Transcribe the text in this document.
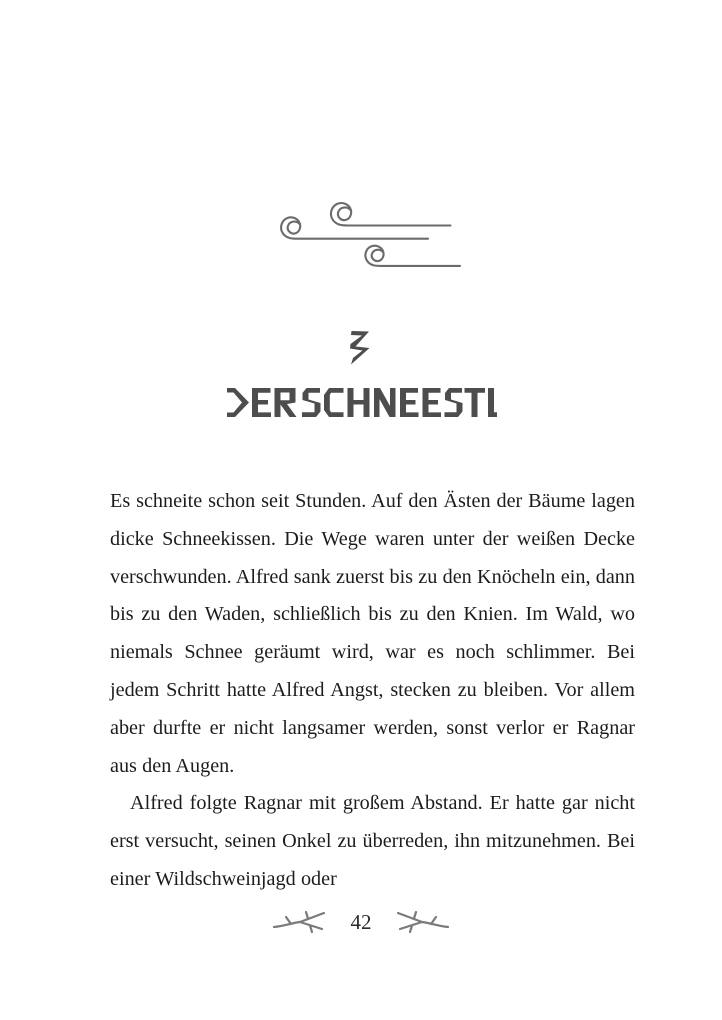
Es schneite schon seit Stunden. Auf den Ästen der Bäume lagen dicke Schneekissen. Die Wege waren unter der weißen Decke verschwunden. Alfred sank zuerst bis zu den Knöcheln ein, dann bis zu den Waden, schließlich bis zu den Knien. Im Wald, wo niemals Schnee geräumt wird, war es noch schlimmer. Bei jedem Schritt hatte Alfred Angst, stecken zu bleiben. Vor allem aber durfte er nicht langsamer werden, sonst verlor er Ragnar aus den Augen.

Alfred folgte Ragnar mit großem Abstand. Er hatte gar nicht erst versucht, seinen Onkel zu überreden, ihn mitzunehmen. Bei einer Wildschweinjagd oder

42
